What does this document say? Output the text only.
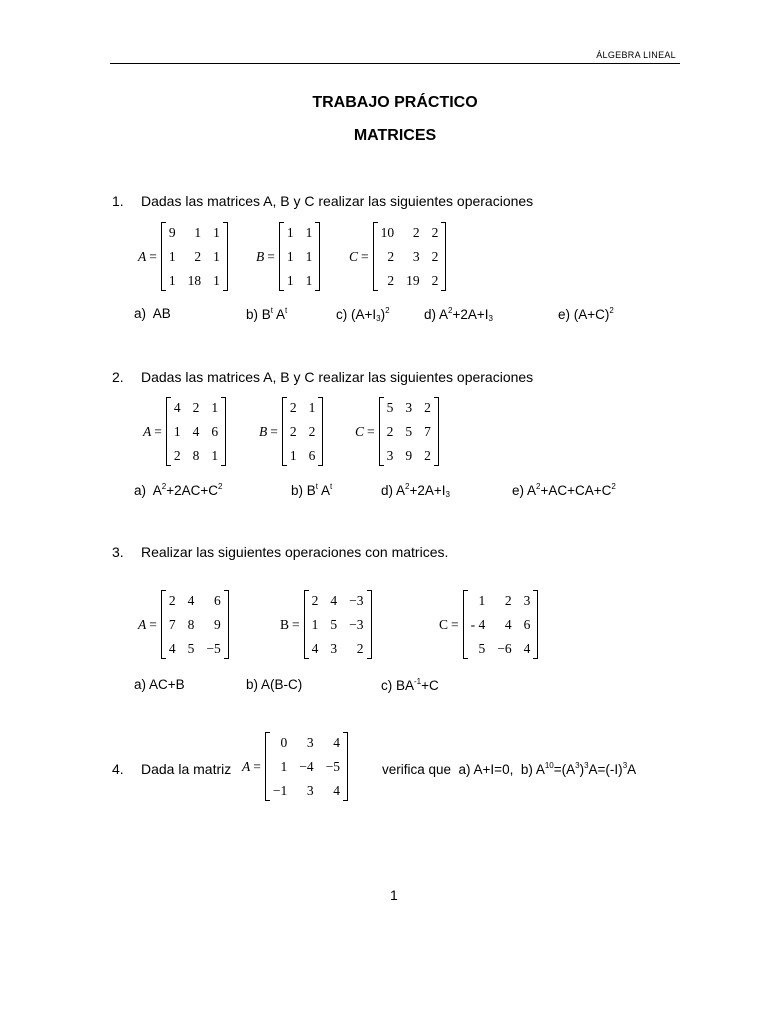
ÁLGEBRA LINEAL
TRABAJO PRÁCTICO
MATRICES
1. Dadas las matrices A, B y C realizar las siguientes operaciones
A =
9	1 1
1	2 1
1 18 1
B =
1 1
1 1
1 1
C =
10	2 2
2	3 2
2 19 2
a)  AB	b) $B^t$ $A^t$	c) $(A+I_3)^2$	d) $A^2+2A+I_3$	e) $(A+C)^2$
2. Dadas las matrices A, B y C realizar las siguientes operaciones
A =
4 2 1
1 4 6
2 8 1
B =
2 1
2 2
1 6
C =
5 3 2
2 5 7
3 9 2
a)  $A^2+2AC+C^2$	b) $B^t$ $A^t$	d) $A^2+2A+I_3$	e) $A^2+AC+CA+C^2$
3. Realizar las siguientes operaciones con matrices.
A =
2 4	6
7 8	9
4 5 −5
B =
2 4 −3
1 5 −3
4 3	2
C =
1	2 3
- 4	4 6
5 −6 4
a) AC+B	b) A(B-C)	c) $BA^{-1}+C$
4. Dada la matriz A =
0	3	4
1 −4 −5
−1	3	4
verifica que  a) A+I=0,  b) $A^{10}=(A^3)^3A=(-I)^3A$
1
